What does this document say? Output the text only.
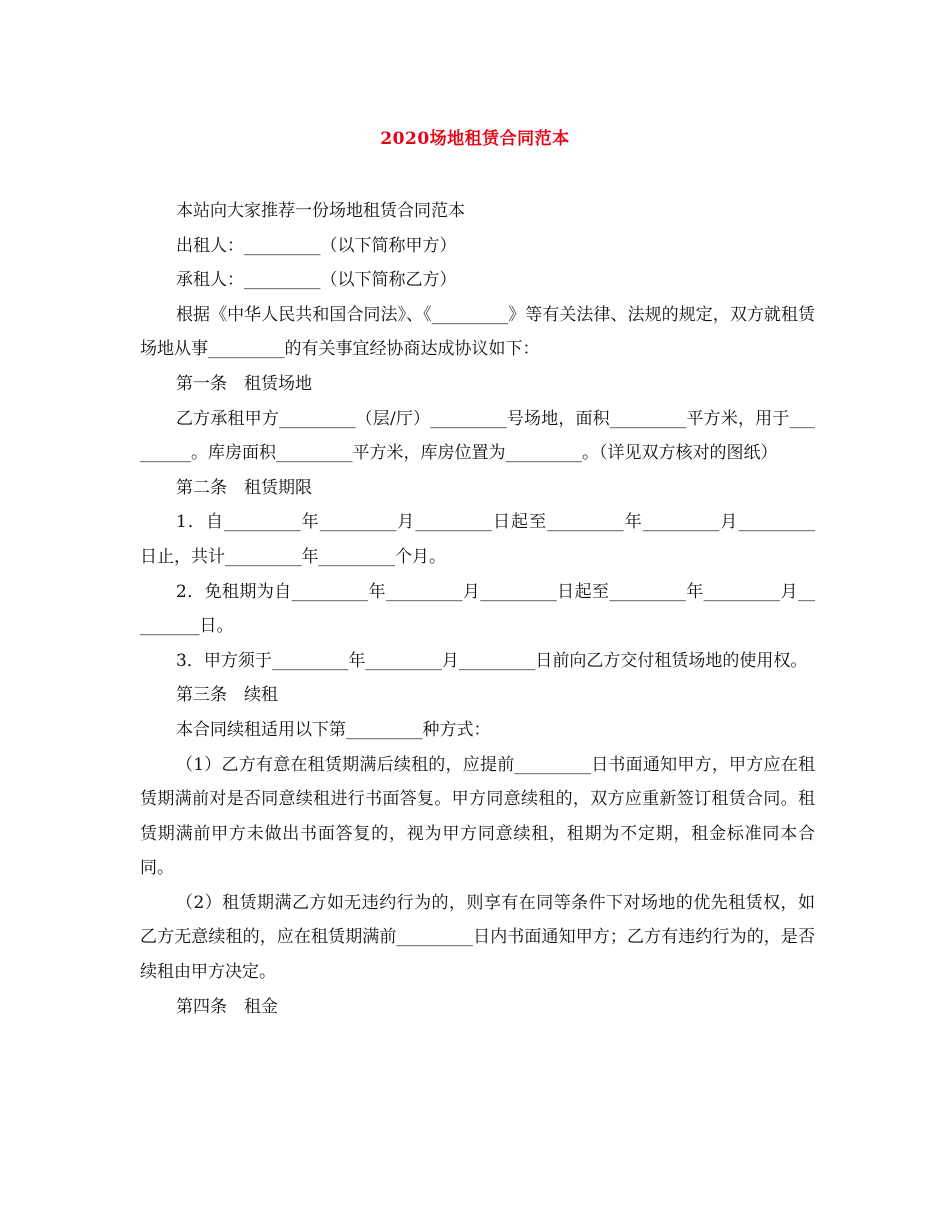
2020场地租赁合同范本

本站向大家推荐一份场地租赁合同范本

出租人：_________（以下简称甲方）

承租人：_________（以下简称乙方）

根据《中华人民共和国合同法》、《_________》等有关法律、法规的规定，双方就租赁场地从事_________的有关事宜经协商达成协议如下：

第一条　租赁场地

乙方承租甲方_________（层/厅）_________号场地，面积_________平方米，用于_________。库房面积_________平方米，库房位置为_________。（详见双方核对的图纸）

第二条　租赁期限

1．自_________年_________月_________日起至_________年_________月_________日止，共计_________年_________个月。

2．免租期为自_________年_________月_________日起至_________年_________月_________日。

3．甲方须于_________年_________月_________日前向乙方交付租赁场地的使用权。

第三条　续租

本合同续租适用以下第_________种方式：

（1）乙方有意在租赁期满后续租的，应提前_________日书面通知甲方，甲方应在租赁期满前对是否同意续租进行书面答复。甲方同意续租的，双方应重新签订租赁合同。租赁期满前甲方未做出书面答复的，视为甲方同意续租，租期为不定期，租金标准同本合同。

（2）租赁期满乙方如无违约行为的，则享有在同等条件下对场地的优先租赁权，如乙方无意续租的，应在租赁期满前_________日内书面通知甲方；乙方有违约行为的，是否续租由甲方决定。

第四条　租金
